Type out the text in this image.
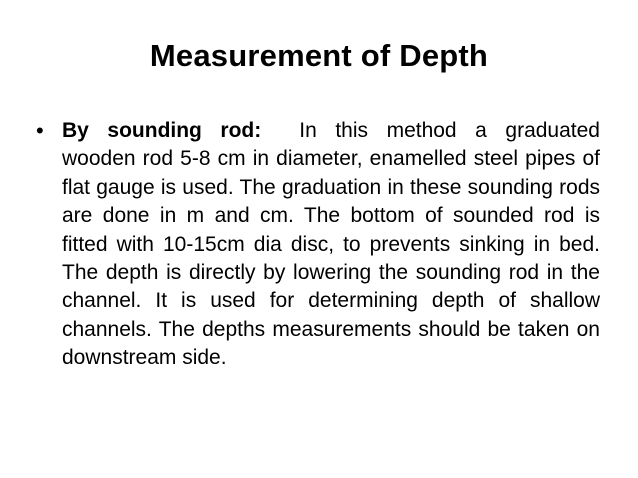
Measurement of Depth
• By sounding rod: In this method a graduated wooden rod 5-8 cm in diameter, enamelled steel pipes of flat gauge is used. The graduation in these sounding rods are done in m and cm. The bottom of sounded rod is fitted with 10-15cm dia disc, to prevents sinking in bed. The depth is directly by lowering the sounding rod in the channel. It is used for determining depth of shallow channels. The depths measurements should be taken on downstream side.
